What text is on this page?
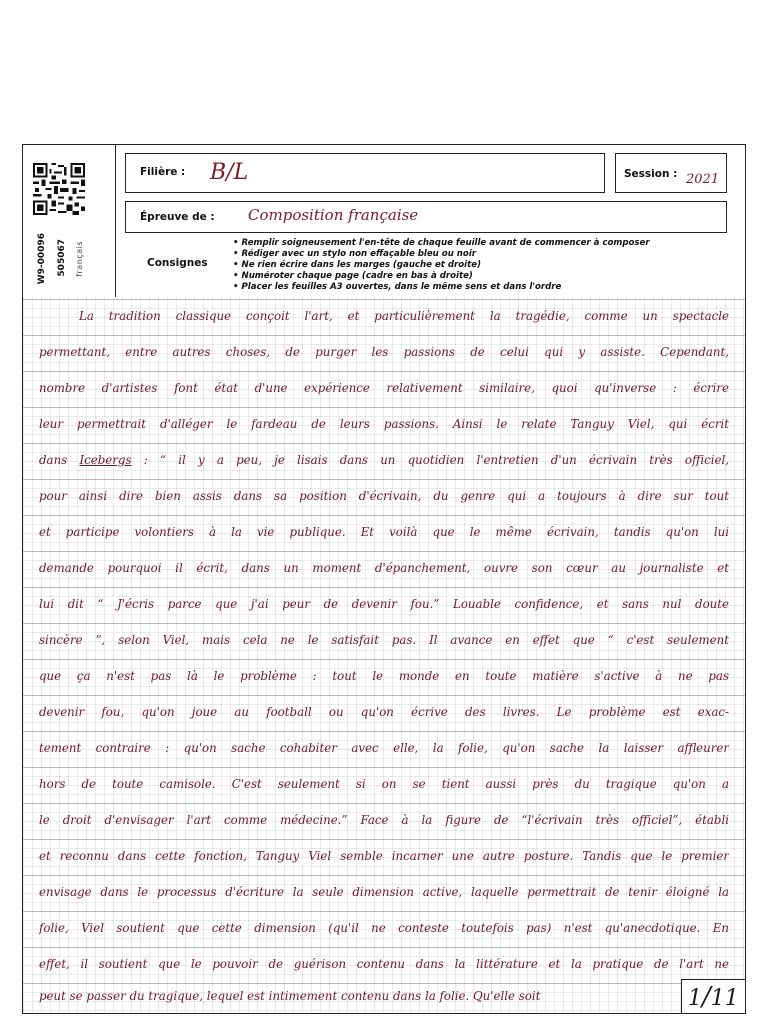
W9-00096 505067 français
Filière : B/L	Session : 2021
Épreuve de : Composition française
Consignes
• Remplir soigneusement l'en-tête de chaque feuille avant de commencer à composer
• Rédiger avec un stylo non effaçable bleu ou noir
• Ne rien écrire dans les marges (gauche et droite)
• Numéroter chaque page (cadre en bas à droite)
• Placer les feuilles A3 ouvertes, dans le même sens et dans l'ordre
La tradition classique conçoit l'art, et particulièrement la tragédie, comme un spectacle
permettant, entre autres choses, de purger les passions de celui qui y assiste. Cependant,
nombre d'artistes font état d'une expérience relativement similaire, quoi qu'inverse : écrire
leur permettrait d'alléger le fardeau de leurs passions. Ainsi le relate Tanguy Viel, qui écrit
dans Icebergs : “ il y a peu, je lisais dans un quotidien l'entretien d'un écrivain très officiel,
pour ainsi dire bien assis dans sa position d'écrivain, du genre qui a toujours à dire sur tout
et participe volontiers à la vie publique. Et voilà que le même écrivain, tandis qu'on lui
demande pourquoi il écrit, dans un moment d'épanchement, ouvre son cœur au journaliste et
lui dit “ J'écris parce que j'ai peur de devenir fou.” Louable confidence, et sans nul doute
sincère ”, selon Viel, mais cela ne le satisfait pas. Il avance en effet que “ c'est seulement
que ça n'est pas là le problème : tout le monde en toute matière s'active à ne pas
devenir fou, qu'on joue au football ou qu'on écrive des livres. Le problème est exac-
tement contraire : qu'on sache cohabiter avec elle, la folie, qu'on sache la laisser affleurer
hors de toute camisole. C'est seulement si on se tient aussi près du tragique qu'on a
le droit d'envisager l'art comme médecine.” Face à la figure de “l'écrivain très officiel”, établi
et reconnu dans cette fonction, Tanguy Viel semble incarner une autre posture. Tandis que le premier
envisage dans le processus d'écriture la seule dimension active, laquelle permettrait de tenir éloigné la
folie, Viel soutient que cette dimension (qu'il ne conteste toutefois pas) n'est qu'anecdotique. En
effet, il soutient que le pouvoir de guérison contenu dans la littérature et la pratique de l'art ne
peut se passer du tragique, lequel est intimement contenu dans la folie. Qu'elle soit	1/11
